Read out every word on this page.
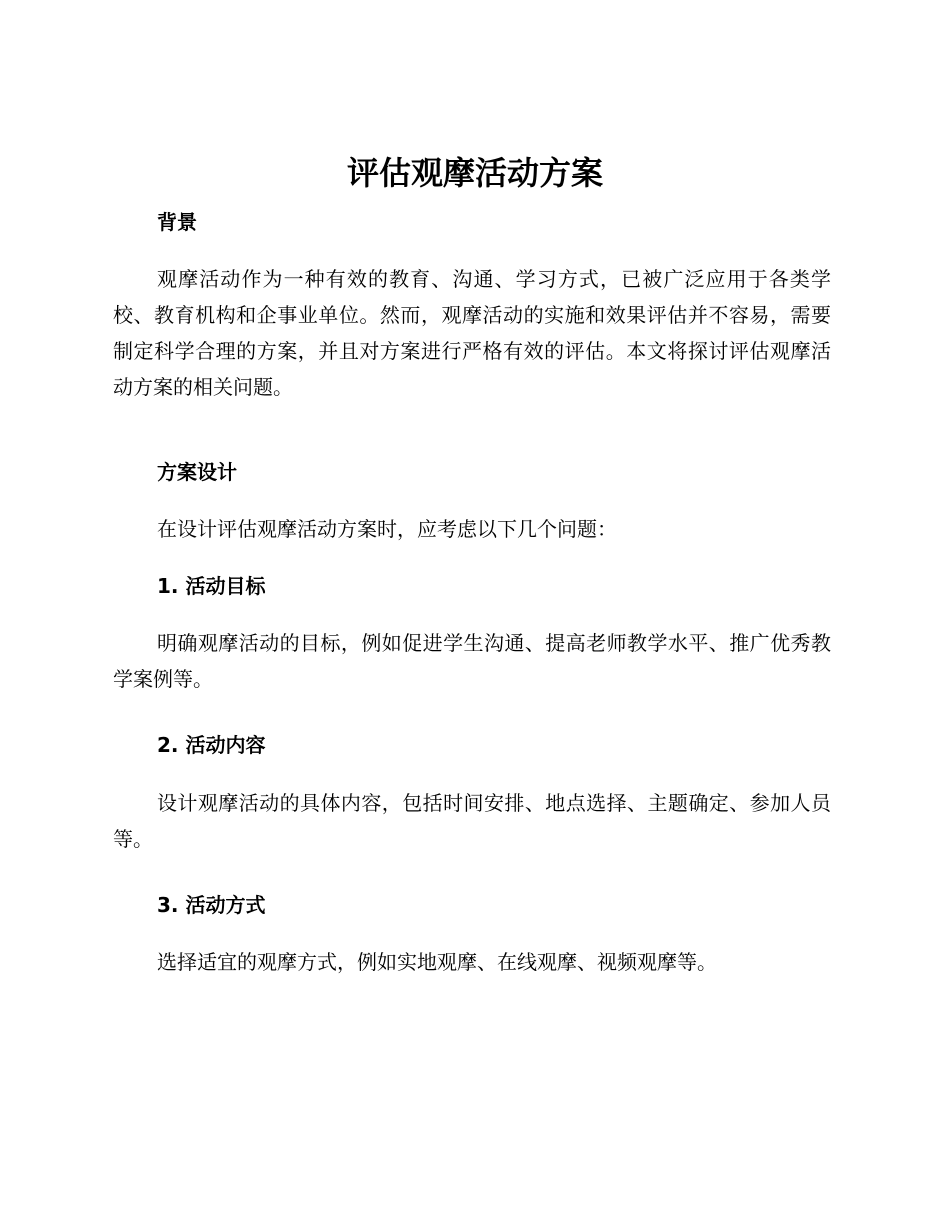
评估观摩活动方案
背景

观摩活动作为一种有效的教育、沟通、学习方式，已被广泛应用于各类学校、教育机构和企事业单位。然而，观摩活动的实施和效果评估并不容易，需要制定科学合理的方案，并且对方案进行严格有效的评估。本文将探讨评估观摩活动方案的相关问题。

方案设计

在设计评估观摩活动方案时，应考虑以下几个问题：

1. 活动目标

明确观摩活动的目标，例如促进学生沟通、提高老师教学水平、推广优秀教学案例等。

2. 活动内容

设计观摩活动的具体内容，包括时间安排、地点选择、主题确定、参加人员等。

3. 活动方式

选择适宜的观摩方式，例如实地观摩、在线观摩、视频观摩等。
